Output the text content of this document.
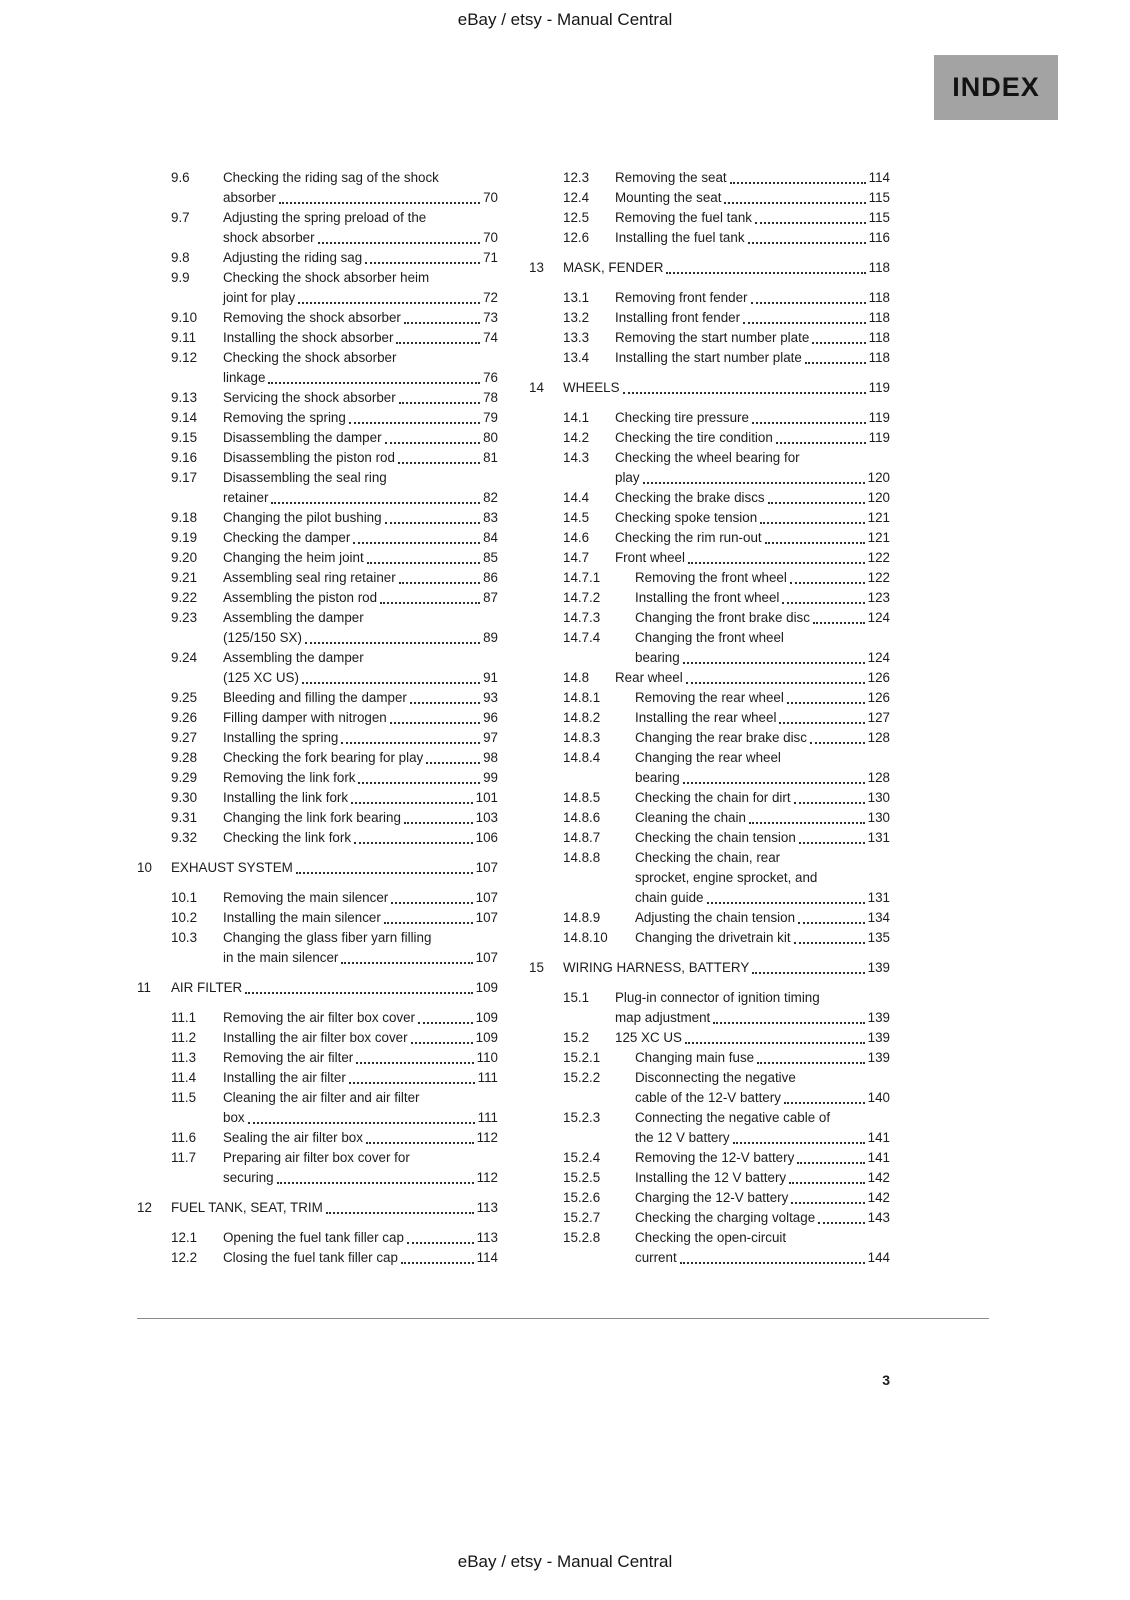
eBay / etsy - Manual Central
INDEX
9.6	Checking the riding sag of the shock
absorber	70
9.7	Adjusting the spring preload of the
shock absorber	70
9.8	Adjusting the riding sag	71
9.9	Checking the shock absorber heim
joint for play	72
9.10	Removing the shock absorber	73
9.11	Installing the shock absorber	74
9.12	Checking the shock absorber
linkage	76
9.13	Servicing the shock absorber	78
9.14	Removing the spring	79
9.15	Disassembling the damper	80
9.16	Disassembling the piston rod	81
9.17	Disassembling the seal ring
retainer	82
9.18	Changing the pilot bushing	83
9.19	Checking the damper	84
9.20	Changing the heim joint	85
9.21	Assembling seal ring retainer	86
9.22	Assembling the piston rod	87
9.23	Assembling the damper
(125/150 SX)	89
9.24	Assembling the damper
(125 XC US)	91
9.25	Bleeding and filling the damper	93
9.26	Filling damper with nitrogen	96
9.27	Installing the spring	97
9.28	Checking the fork bearing for play	98
9.29	Removing the link fork	99
9.30	Installing the link fork	101
9.31	Changing the link fork bearing	103
9.32	Checking the link fork	106
10	EXHAUST SYSTEM	107
10.1	Removing the main silencer	107
10.2	Installing the main silencer	107
10.3	Changing the glass fiber yarn filling
in the main silencer	107
11	AIR FILTER	109
11.1	Removing the air filter box cover	109
11.2	Installing the air filter box cover	109
11.3	Removing the air filter	110
11.4	Installing the air filter	111
11.5	Cleaning the air filter and air filter
box	111
11.6	Sealing the air filter box	112
11.7	Preparing air filter box cover for
securing	112
12	FUEL TANK, SEAT, TRIM	113
12.1	Opening the fuel tank filler cap	113
12.2	Closing the fuel tank filler cap	114
12.3	Removing the seat	114
12.4	Mounting the seat	115
12.5	Removing the fuel tank	115
12.6	Installing the fuel tank	116
13	MASK, FENDER	118
13.1	Removing front fender	118
13.2	Installing front fender	118
13.3	Removing the start number plate	118
13.4	Installing the start number plate	118
14	WHEELS	119
14.1	Checking tire pressure	119
14.2	Checking the tire condition	119
14.3	Checking the wheel bearing for
play	120
14.4	Checking the brake discs	120
14.5	Checking spoke tension	121
14.6	Checking the rim run-out	121
14.7	Front wheel	122
14.7.1	Removing the front wheel	122
14.7.2	Installing the front wheel	123
14.7.3	Changing the front brake disc	124
14.7.4	Changing the front wheel
bearing	124
14.8	Rear wheel	126
14.8.1	Removing the rear wheel	126
14.8.2	Installing the rear wheel	127
14.8.3	Changing the rear brake disc	128
14.8.4	Changing the rear wheel
bearing	128
14.8.5	Checking the chain for dirt	130
14.8.6	Cleaning the chain	130
14.8.7	Checking the chain tension	131
14.8.8	Checking the chain, rear
sprocket, engine sprocket, and
chain guide	131
14.8.9	Adjusting the chain tension	134
14.8.10	Changing the drivetrain kit	135
15	WIRING HARNESS, BATTERY	139
15.1	Plug-in connector of ignition timing
map adjustment	139
15.2	125 XC US	139
15.2.1	Changing main fuse	139
15.2.2	Disconnecting the negative
cable of the 12-V battery	140
15.2.3	Connecting the negative cable of
the 12 V battery	141
15.2.4	Removing the 12-V battery	141
15.2.5	Installing the 12 V battery	142
15.2.6	Charging the 12-V battery	142
15.2.7	Checking the charging voltage	143
15.2.8	Checking the open-circuit
current	144
3
eBay / etsy - Manual Central
